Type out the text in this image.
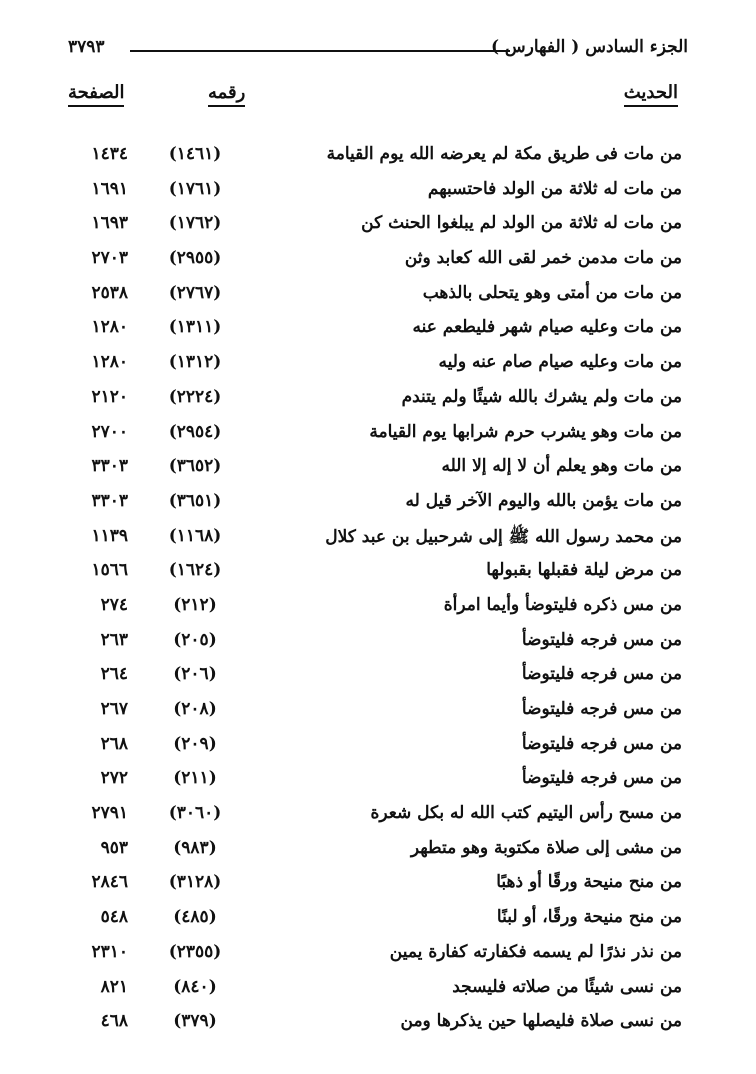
الجزء السادس ( الفهارس )
٣٧٩٣
الحديث
رقمه
الصفحة
من مات فى طريق مكة لم يعرضه الله يوم القيامة
(١٤٦١)
١٤٣٤
من مات له ثلاثة من الولد فاحتسبهم
(١٧٦١)
١٦٩١
من مات له ثلاثة من الولد لم يبلغوا الحنث كن
(١٧٦٢)
١٦٩٣
من مات مدمن خمر لقى الله كعابد وثن
(٢٩٥٥)
٢٧٠٣
من مات من أمتى وهو يتحلى بالذهب
(٢٧٦٧)
٢٥٣٨
من مات وعليه صيام شهر فليطعم عنه
(١٣١١)
١٢٨٠
من مات وعليه صيام صام عنه وليه
(١٣١٢)
١٢٨٠
من مات ولم يشرك بالله شيئًا ولم يتندم
(٢٢٢٤)
٢١٢٠
من مات وهو يشرب حرم شرابها يوم القيامة
(٢٩٥٤)
٢٧٠٠
من مات وهو يعلم أن لا إله إلا الله
(٣٦٥٢)
٣٣٠٣
من مات يؤمن بالله واليوم الآخر قيل له
(٣٦٥١)
٣٣٠٣
من محمد رسول الله ﷺ إلى شرحبيل بن عبد كلال
(١١٦٨)
١١٣٩
من مرض ليلة فقبلها بقبولها
(١٦٢٤)
١٥٦٦
من مس ذكره فليتوضأ وأيما امرأة
(٢١٢)
٢٧٤
من مس فرجه فليتوضأ
(٢٠٥)
٢٦٣
من مس فرجه فليتوضأ
(٢٠٦)
٢٦٤
من مس فرجه فليتوضأ
(٢٠٨)
٢٦٧
من مس فرجه فليتوضأ
(٢٠٩)
٢٦٨
من مس فرجه فليتوضأ
(٢١١)
٢٧٢
من مسح رأس اليتيم كتب الله له بكل شعرة
(٣٠٦٠)
٢٧٩١
من مشى إلى صلاة مكتوبة وهو متطهر
(٩٨٣)
٩٥٣
من منح منيحة ورقًا أو ذهبًا
(٣١٢٨)
٢٨٤٦
من منح منيحة ورقًا، أو لبنًا
(٤٨٥)
٥٤٨
من نذر نذرًا لم يسمه فكفارته كفارة يمين
(٢٣٥٥)
٢٣١٠
من نسى شيئًا من صلاته فليسجد
(٨٤٠)
٨٢١
من نسى صلاة فليصلها حين يذكرها ومن
(٣٧٩)
٤٦٨
